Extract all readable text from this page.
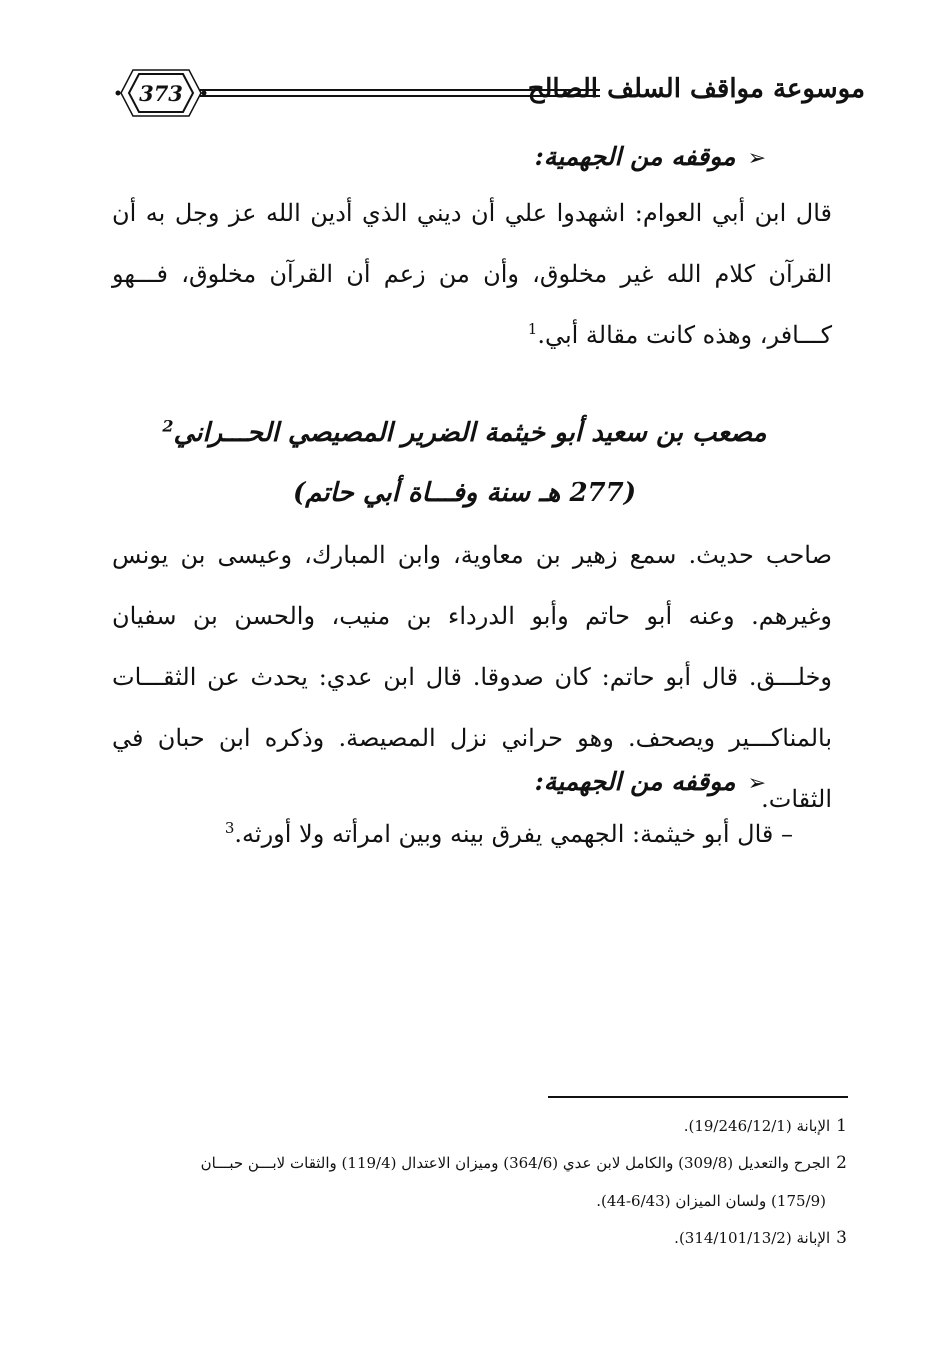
373	موسوعة مواقف السلف الصالح
➢موقفه من الجهمية:
قال ابن أبي العوام: اشهدوا علي أن ديني الذي أدين الله عز وجل به أن القرآن كلام الله غير مخلوق، وأن من زعم أن القرآن مخلوق، فـــهو كـــافر، وهذه كانت مقالة أبي.$^1$
مصعب بن سعيد أبو خيثمة الضرير المصيصي الحـــراني$^2$
(277 هـ سنة وفـــاة أبي حاتم)
صاحب حديث. سمع زهير بن معاوية، وابن المبارك، وعيسى بن يونس وغيرهم. وعنه أبو حاتم وأبو الدرداء بن منيب، والحسن بن سفيان وخلـــق. قال أبو حاتم: كان صدوقا. قال ابن عدي: يحدث عن الثقـــات بالمناكـــير ويصحف. وهو حراني نزل المصيصة. وذكره ابن حبان في الثقات.
➢موقفه من الجهمية:
– قال أبو خيثمة: الجهمي يفرق بينه وبين امرأته ولا أورثه.$^3$
1الإبانة (19/246/12/1).
2الجرح والتعديل (309/8) والكامل لابن عدي (364/6) وميزان الاعتدال (119/4) والثقات لابـــن حبـــان
(175/9) ولسان الميزان (6/43-44).
3الإبانة (314/101/13/2).
